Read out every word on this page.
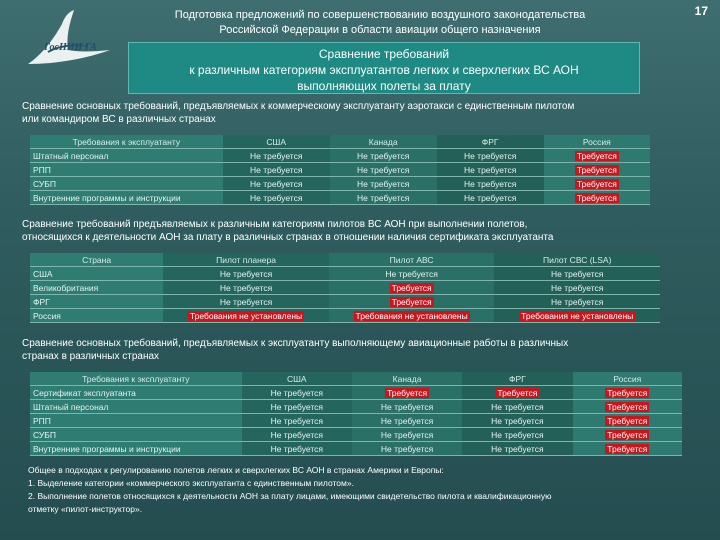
ГосНИИ ГА
Подготовка предложений по совершенствованию воздушного законодательства
Российской Федерации в области авиации общего назначения
17
Сравнение требований
к различным категориям эксплуатантов легких и сверхлегких ВС АОН
выполняющих полеты за плату
Сравнение основных требований, предъявляемых к коммерческому эксплуатанту аэротакси с единственным пилотом
или командиром ВС в различных странах
Требования к эксплуатанту	США	Канада	ФРГ	Россия
Штатный персонал	Не требуется	Не требуется	Не требуется	Требуется
РПП	Не требуется	Не требуется	Не требуется	Требуется
СУБП	Не требуется	Не требуется	Не требуется	Требуется
Внутренние программы и инструкции	Не требуется	Не требуется	Не требуется	Требуется
Сравнение требований предъявляемых к различным категориям пилотов ВС АОН при выполнении полетов,
относящихся к деятельности АОН за плату в различных странах в отношении наличия сертификата эксплуатанта
Страна	Пилот планера	Пилот АВС	Пилот СВС (LSA)
США	Не требуется	Не требуется	Не требуется
Великобритания	Не требуется	Требуется	Не требуется
ФРГ	Не требуется	Требуется	Не требуется
Россия	Требования не установлены	Требования не установлены	Требования не установлены
Сравнение основных требований, предъявляемых к эксплуатанту выполняющему авиационные работы в различных
странах в различных странах
Требования к эксплуатанту	США	Канада	ФРГ	Россия
Сертификат эксплуатанта	Не требуется	Требуется	Требуется	Требуется
Штатный персонал	Не требуется	Не требуется	Не требуется	Требуется
РПП	Не требуется	Не требуется	Не требуется	Требуется
СУБП	Не требуется	Не требуется	Не требуется	Требуется
Внутренние программы и инструкции	Не требуется	Не требуется	Не требуется	Требуется
Общее в подходах к регулированию полетов легких и сверхлегких ВС АОН в странах Америки и Европы:
1. Выделение категории «коммерческого эксплуатанта с единственным пилотом».
2. Выполнение полетов относящихся к деятельности АОН за плату лицами, имеющими свидетельство пилота и квалификационную
отметку «пилот-инструктор».
